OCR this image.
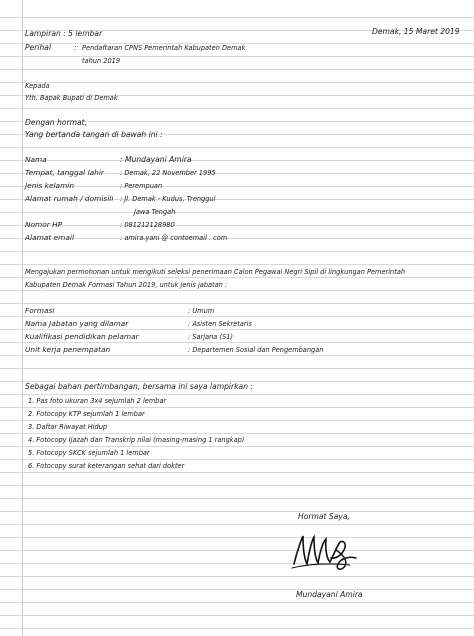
Lampiran : 5 lembar	Demak, 15 Maret 2019
Perihal	: Pendaftaran CPNS Pemerintah Kabupaten Demak
tahun 2019
Kepada
Yth. Bapak Bupati di Demak
Dengan hormat,
Yang bertanda tangan di bawah ini :
Nama	: Mundayani Amira
Tempat, tanggal lahir : Demak, 22 November 1995
Jenis kelamin	: Perempuan
Alamat rumah / domisili : Jl. Demak - Kudus, Trenggul
Jawa Tengah
Nomor HP	: 081212128980
Alamat email	: amira.yani @ contoemail . com
Mengajukan permohonan untuk mengikuti seleksi penerimaan Calon Pegawai Negri Sipil di lingkungan Pemerintah
Kabupaten Demak Formasi Tahun 2019, untuk jenis jabatan :
Formasi	: Umum
Nama Jabatan yang dilamar	: Asisten Sekretaris
Kualifikasi pendidikan pelamar	: Sarjana (S1)
Unit kerja penempatan	: Departemen Sosial dan Pengembangan
Sebagai bahan pertimbangan, bersama ini saya lampirkan :
1. Pas foto ukuran 3x4 sejumlah 2 lembar
2. Fotocopy KTP sejumlah 1 lembar
3. Daftar Riwayat Hidup
4. Fotocopy Ijazah dan Transkrip nilai (masing-masing 1 rangkap)
5. Fotocopy SKCK sejumlah 1 lembar
6. Fotocopy surat keterangan sehat dari dokter
Hormat Saya,
Mundayani Amira
